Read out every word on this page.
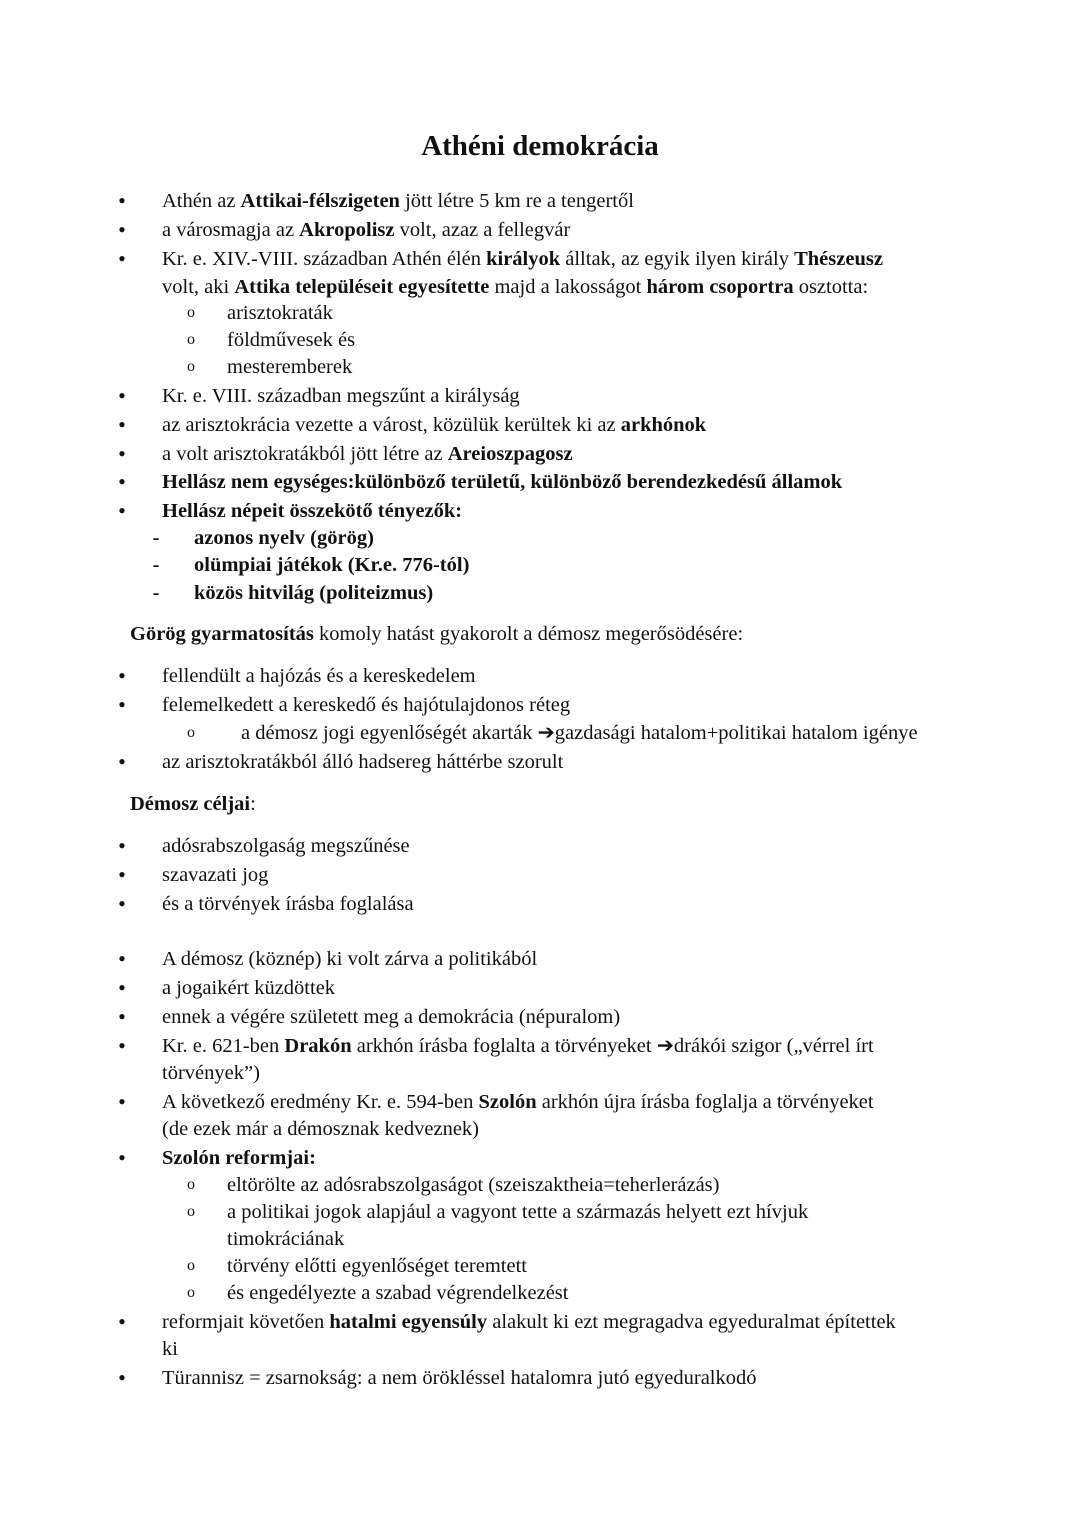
Athéni demokrácia
• Athén az Attikai-félszigeten jött létre 5 km re a tengertől
• a városmagja az Akropolisz volt, azaz a fellegvár
• Kr. e. XIV.-VIII. században Athén élén királyok álltak, az egyik ilyen király Thészeusz
volt, aki Attika településeit egyesítette majd a lakosságot három csoportra osztotta:
o arisztokraták
o földművesek és
o mesteremberek
• Kr. e. VIII. században megszűnt a királyság
• az arisztokrácia vezette a várost, közülük kerültek ki az arkhónok
• a volt arisztokratákból jött létre az Areioszpagosz
• Hellász nem egységes:különböző területű, különböző berendezkedésű államok
• Hellász népeit összekötő tényezők:
- azonos nyelv (görög)
- olümpiai játékok (Kr.e. 776-tól)
- közös hitvilág (politeizmus)
Görög gyarmatosítás komoly hatást gyakorolt a démosz megerősödésére:
• fellendült a hajózás és a kereskedelem
• felemelkedett a kereskedő és hajótulajdonos réteg
o a démosz jogi egyenlőségét akarták ➔gazdasági hatalom+politikai hatalom igénye
• az arisztokratákból álló hadsereg háttérbe szorult
Démosz céljai:
• adósrabszolgaság megszűnése
• szavazati jog
• és a törvények írásba foglalása
• A démosz (köznép) ki volt zárva a politikából
• a jogaikért küzdöttek
• ennek a végére született meg a demokrácia (népuralom)
• Kr. e. 621-ben Drakón arkhón írásba foglalta a törvényeket ➔drákói szigor („vérrel írt
törvények”)
• A következő eredmény Kr. e. 594-ben Szolón arkhón újra írásba foglalja a törvényeket
(de ezek már a démosznak kedveznek)
• Szolón reformjai:
o eltörölte az adósrabszolgaságot (szeiszaktheia=teherlerázás)
o a politikai jogok alapjául a vagyont tette a származás helyett ezt hívjuk
timokráciának
o törvény előtti egyenlőséget teremtett
o és engedélyezte a szabad végrendelkezést
• reformjait követően hatalmi egyensúly alakult ki ezt megragadva egyeduralmat építettek
ki
• Türannisz = zsarnokság: a nem örökléssel hatalomra jutó egyeduralkodó
